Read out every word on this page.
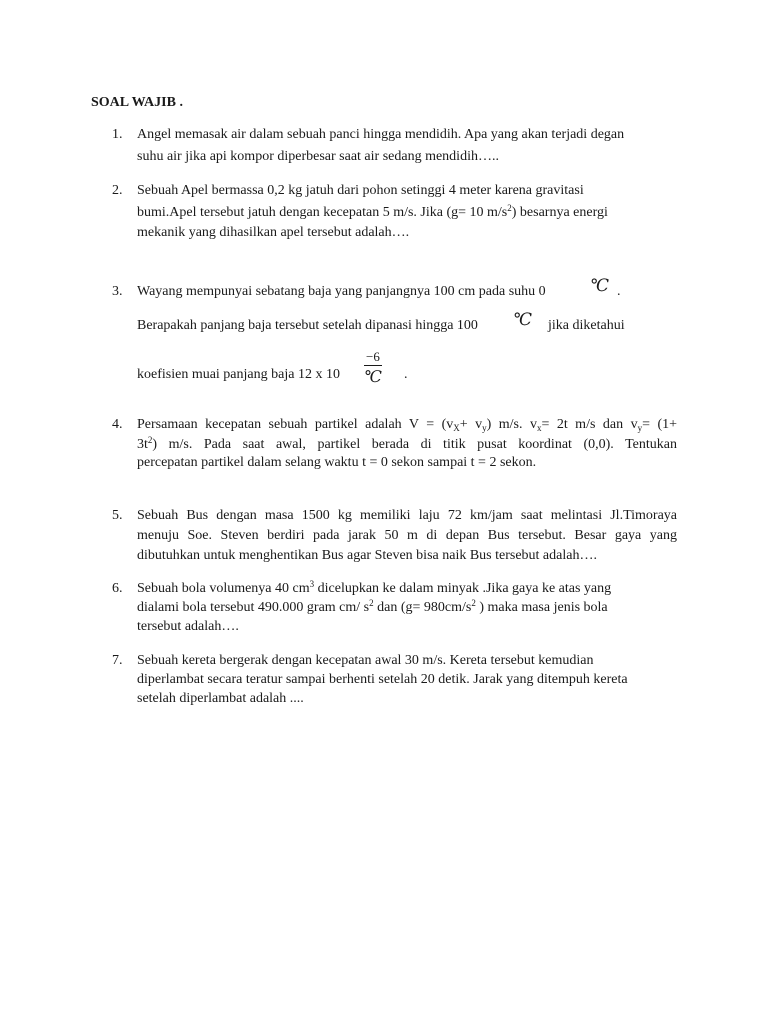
SOAL WAJIB .
1.	Angel memasak air dalam sebuah panci hingga mendidih. Apa yang akan terjadi degan
suhu air jika api kompor diperbesar saat air sedang mendidih…..
2.	Sebuah Apel bermassa 0,2 kg jatuh dari pohon setinggi 4 meter karena gravitasi
bumi.Apel tersebut jatuh dengan kecepatan 5 m/s. Jika (g= 10 $m/s^2$) besarnya energi
mekanik yang dihasilkan apel tersebut adalah….
3.	Wayang mempunyai sebatang baja yang panjangnya 100 cm pada suhu 0	℃ .
Berapakah panjang baja tersebut setelah dipanasi hingga 100 ℃ jika diketahui
koefisien muai panjang baja 12 x 10
−6
℃ .
4.	Persamaan kecepatan sebuah partikel adalah $V = (v_X+ v_y)$ m/s. $v_x= 2t$ m/s dan $v_y= (1+$
$3t^2$) m/s. Pada saat awal, partikel berada di titik pusat koordinat (0,0). Tentukan
percepatan partikel dalam selang waktu t = 0 sekon sampai t = 2 sekon.
5.	Sebuah Bus dengan masa 1500 kg memiliki laju 72 km/jam saat melintasi Jl.Timoraya
menuju Soe. Steven berdiri pada jarak 50 m di depan Bus tersebut. Besar gaya yang
dibutuhkan untuk menghentikan Bus agar Steven bisa naik Bus tersebut adalah….
6.	Sebuah bola volumenya 40 $cm^3$ dicelupkan ke dalam minyak .Jika gaya ke atas yang
dialami bola tersebut 490.000 gram cm/ $s^2$ dan ($g= 980cm/s^2$ ) maka masa jenis bola
tersebut adalah….
7.	Sebuah kereta bergerak dengan kecepatan awal 30 m/s. Kereta tersebut kemudian
diperlambat secara teratur sampai berhenti setelah 20 detik. Jarak yang ditempuh kereta
setelah diperlambat adalah ....
